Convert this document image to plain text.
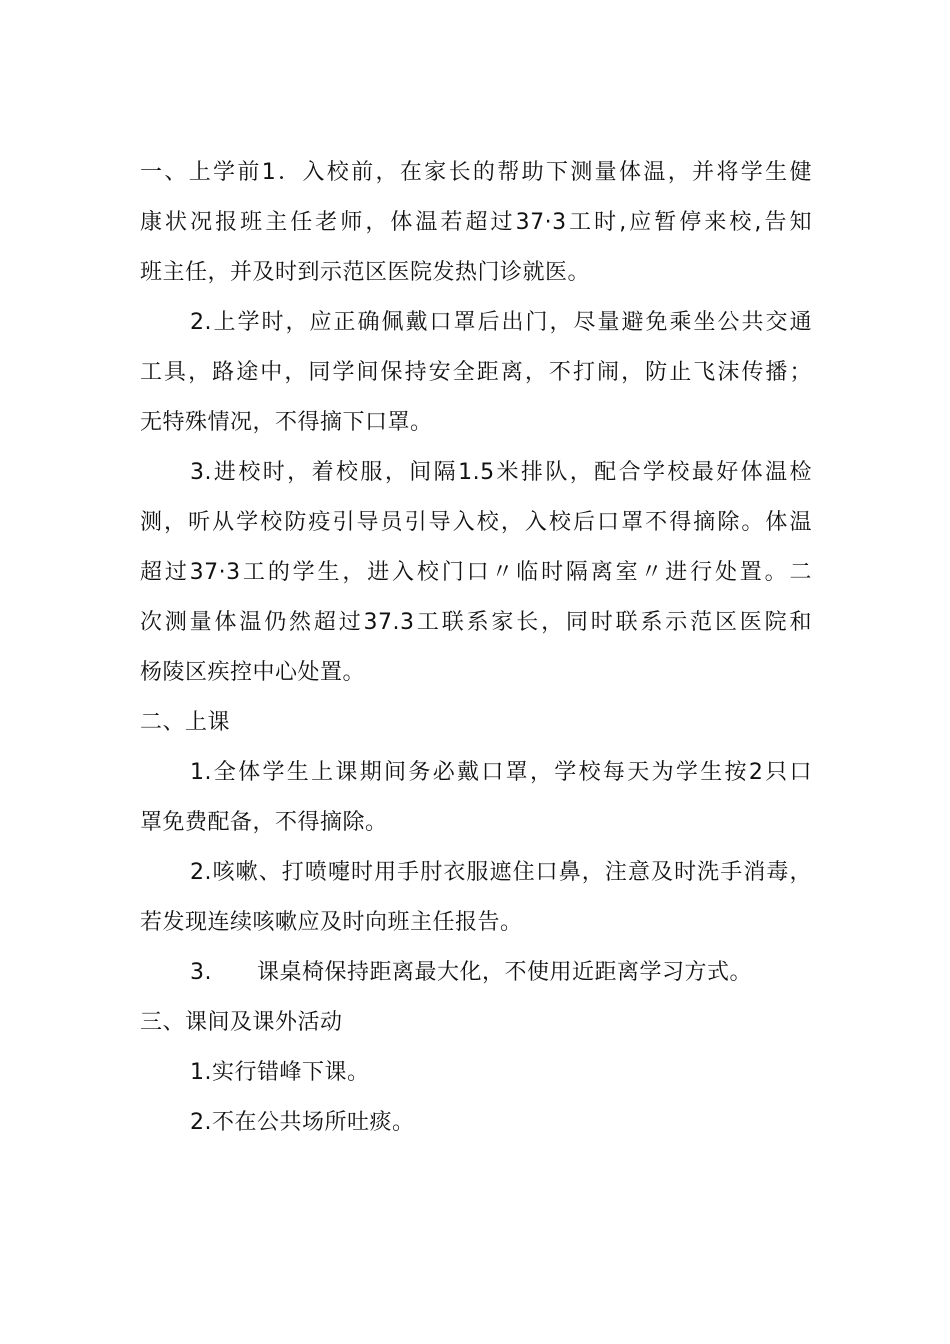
一、上学前1．入校前，在家长的帮助下测量体温，并将学生健
康状况报班主任老师，体温若超过37·3工时,应暂停来校,告知
班主任，并及时到示范区医院发热门诊就医。
2.上学时，应正确佩戴口罩后出门，尽量避免乘坐公共交通
工具，路途中，同学间保持安全距离，不打闹，防止飞沫传播；
无特殊情况，不得摘下口罩。
3.进校时，着校服，间隔1.5米排队，配合学校最好体温检
测，听从学校防疫引导员引导入校，入校后口罩不得摘除。体温
超过37·3工的学生，进入校门口〃临时隔离室〃进行处置。二
次测量体温仍然超过37.3工联系家长，同时联系示范区医院和
杨陵区疾控中心处置。
二、上课
1.全体学生上课期间务必戴口罩，学校每天为学生按2只口
罩免费配备，不得摘除。
2.咳嗽、打喷嚏时用手肘衣服遮住口鼻，注意及时洗手消毒，
若发现连续咳嗽应及时向班主任报告。
3.      课桌椅保持距离最大化，不使用近距离学习方式。
三、课间及课外活动
1.实行错峰下课。
2.不在公共场所吐痰。
